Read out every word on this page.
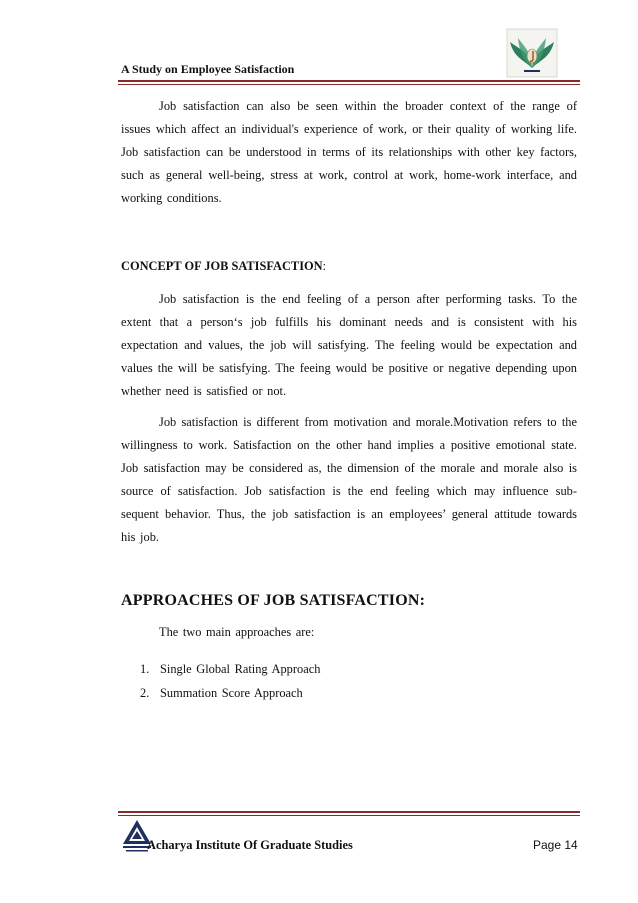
A Study on Employee Satisfaction

Job satisfaction can also be seen within the broader context of the range of issues which affect an individual's experience of work, or their quality of working life. Job satisfaction can be understood in terms of its relationships with other key factors, such as general well-being, stress at work, control at work, home-work interface, and working conditions.

CONCEPT OF JOB SATISFACTION:

Job satisfaction is the end feeling of a person after performing tasks. To the extent that a person‘s job fulfills his dominant needs and is consistent with his expectation and values, the job will satisfying. The feeling would be expectation and values the will be satisfying. The feeing would be positive or negative depending upon whether need is satisfied or not.

Job satisfaction is different from motivation and morale.Motivation refers to the willingness to work. Satisfaction on the other hand implies a positive emotional state. Job satisfaction may be considered as, the dimension of the morale and morale also is source of satisfaction. Job satisfaction is the end feeling which may influence sub-sequent behavior. Thus, the job satisfaction is an employees’ general attitude towards his job.

APPROACHES OF JOB SATISFACTION:

The two main approaches are:

1. Single Global Rating Approach
2. Summation Score Approach
Acharya Institute Of Graduate Studies	Page 14
